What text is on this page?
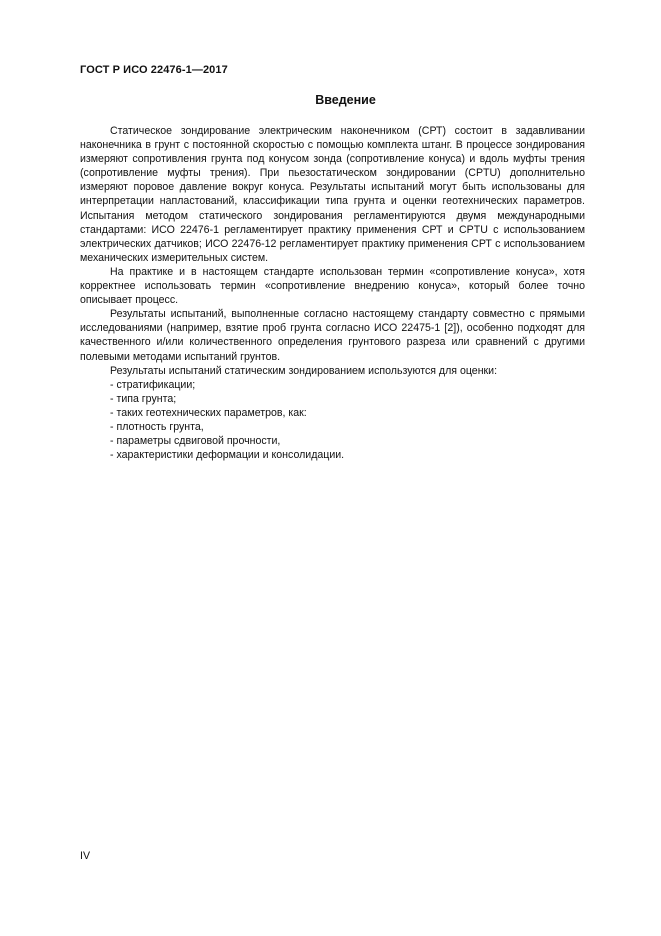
ГОСТ Р ИСО 22476-1—2017
Введение

Статическое зондирование электрическим наконечником (СРТ) состоит в задавливании наконечника в грунт с постоянной скоростью с помощью комплекта штанг. В процессе зондирования измеряют сопротивления грунта под конусом зонда (сопротивление конуса) и вдоль муфты трения (сопротивление муфты трения). При пьезостатическом зондировании (CPTU) дополнительно измеряют поровое давление вокруг конуса. Результаты испытаний могут быть использованы для интерпретации напластований, классификации типа грунта и оценки геотехнических параметров. Испытания методом статического зондирования регламентируются двумя международными стандартами: ИСО 22476-1 регламентирует практику применения СРТ и CPTU с использованием электрических датчиков; ИСО 22476-12 регламентирует практику применения СРТ с использованием механических измерительных систем.

На практике и в настоящем стандарте использован термин «сопротивление конуса», хотя корректнее использовать термин «сопротивление внедрению конуса», который более точно описывает процесс.

Результаты испытаний, выполненные согласно настоящему стандарту совместно с прямыми исследованиями (например, взятие проб грунта согласно ИСО 22475-1 [2]), особенно подходят для качественного и/или количественного определения грунтового разреза или сравнений с другими полевыми методами испытаний грунтов.

Результаты испытаний статическим зондированием используются для оценки:

- стратификации;
- типа грунта;
- таких геотехнических параметров, как:
- плотность грунта,
- параметры сдвиговой прочности,
- характеристики деформации и консолидации.
IV
